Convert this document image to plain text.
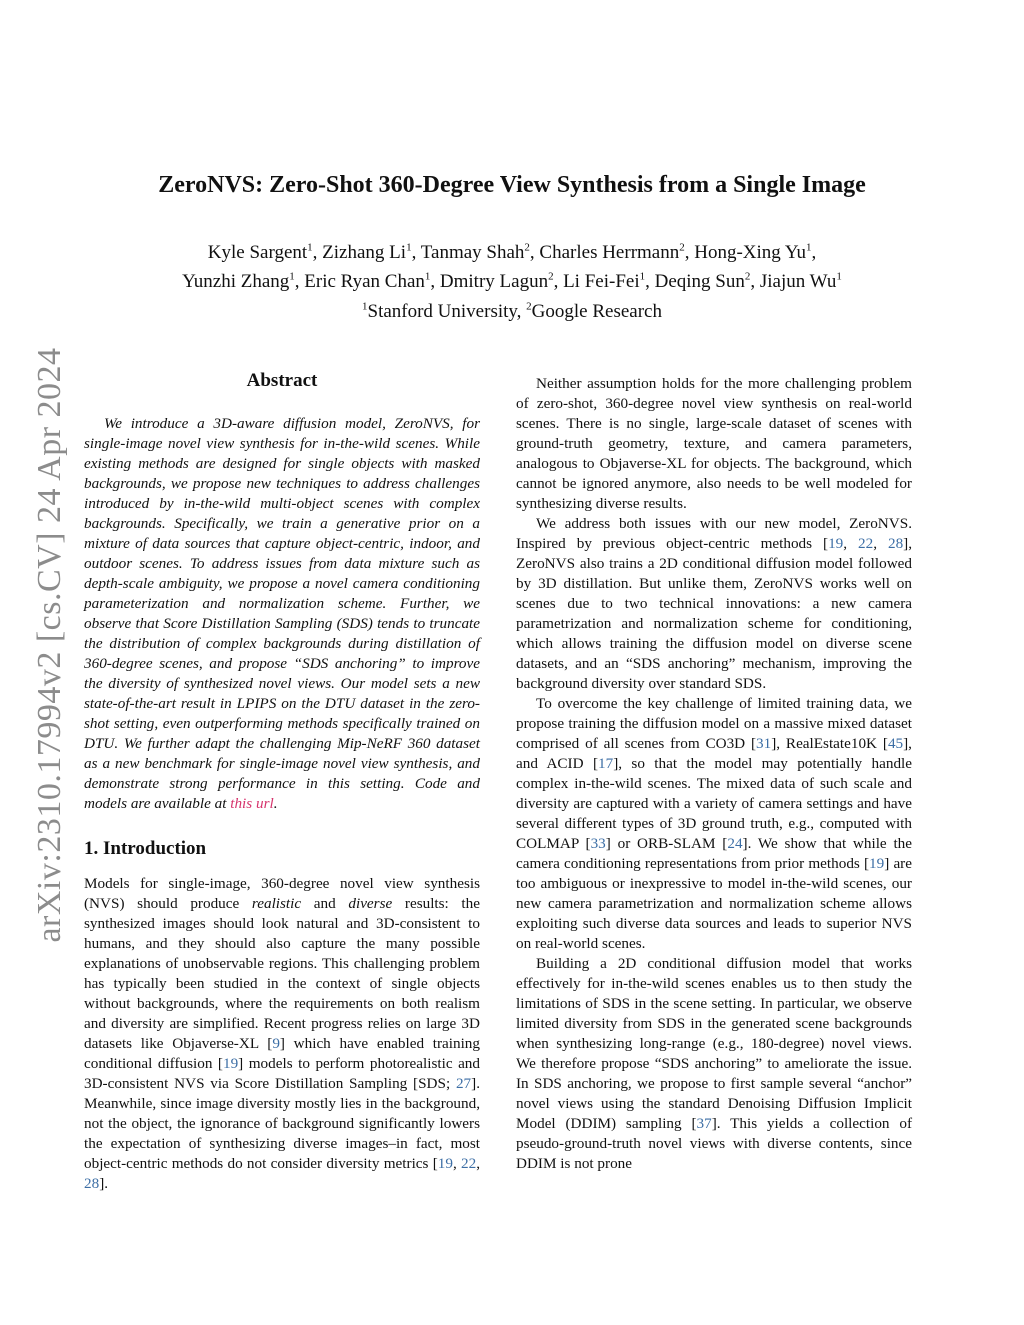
arXiv:2310.17994v2 [cs.CV] 24 Apr 2024
ZeroNVS: Zero-Shot 360-Degree View Synthesis from a Single Image
Kyle Sargent$^1$, Zizhang Li$^1$, Tanmay Shah$^2$, Charles Herrmann$^2$, Hong-Xing Yu$^1$,
Yunzhi Zhang$^1$, Eric Ryan Chan$^1$, Dmitry Lagun$^2$, Li Fei-Fei$^1$, Deqing Sun$^2$, Jiajun Wu$^1$
$^1$Stanford University, $^2$Google Research
Abstract

We introduce a 3D-aware diffusion model, ZeroNVS, for single-image novel view synthesis for in-the-wild scenes. While existing methods are designed for single objects with masked backgrounds, we propose new techniques to address challenges introduced by in-the-wild multi-object scenes with complex backgrounds. Specifically, we train a generative prior on a mixture of data sources that capture object-centric, indoor, and outdoor scenes. To address issues from data mixture such as depth-scale ambiguity, we propose a novel camera conditioning parameterization and normalization scheme. Further, we observe that Score Distillation Sampling (SDS) tends to truncate the distribution of complex backgrounds during distillation of 360-degree scenes, and propose “SDS anchoring” to improve the diversity of synthesized novel views. Our model sets a new state-of-the-art result in LPIPS on the DTU dataset in the zero-shot setting, even outperforming methods specifically trained on DTU. We further adapt the challenging Mip-NeRF 360 dataset as a new benchmark for single-image novel view synthesis, and demonstrate strong performance in this setting. Code and models are available at this url.

1. Introduction

Models for single-image, 360-degree novel view synthesis (NVS) should produce realistic and diverse results: the synthesized images should look natural and 3D-consistent to humans, and they should also capture the many possible explanations of unobservable regions. This challenging problem has typically been studied in the context of single objects without backgrounds, where the requirements on both realism and diversity are simplified. Recent progress relies on large 3D datasets like Objaverse-XL [9] which have enabled training conditional diffusion [19] models to perform photorealistic and 3D-consistent NVS via Score Distillation Sampling [SDS; 27]. Meanwhile, since image diversity mostly lies in the background, not the object, the ignorance of background significantly lowers the expectation of synthesizing diverse images–in fact, most object-centric methods do not consider diversity metrics [19, 22, 28].

Neither assumption holds for the more challenging problem of zero-shot, 360-degree novel view synthesis on real-world scenes. There is no single, large-scale dataset of scenes with ground-truth geometry, texture, and camera parameters, analogous to Objaverse-XL for objects. The background, which cannot be ignored anymore, also needs to be well modeled for synthesizing diverse results.

We address both issues with our new model, ZeroNVS. Inspired by previous object-centric methods [19, 22, 28], ZeroNVS also trains a 2D conditional diffusion model followed by 3D distillation. But unlike them, ZeroNVS works well on scenes due to two technical innovations: a new camera parametrization and normalization scheme for conditioning, which allows training the diffusion model on diverse scene datasets, and an “SDS anchoring” mechanism, improving the background diversity over standard SDS.

To overcome the key challenge of limited training data, we propose training the diffusion model on a massive mixed dataset comprised of all scenes from CO3D [31], RealEstate10K [45], and ACID [17], so that the model may potentially handle complex in-the-wild scenes. The mixed data of such scale and diversity are captured with a variety of camera settings and have several different types of 3D ground truth, e.g., computed with COLMAP [33] or ORB-SLAM [24]. We show that while the camera conditioning representations from prior methods [19] are too ambiguous or inexpressive to model in-the-wild scenes, our new camera parametrization and normalization scheme allows exploiting such diverse data sources and leads to superior NVS on real-world scenes.

Building a 2D conditional diffusion model that works effectively for in-the-wild scenes enables us to then study the limitations of SDS in the scene setting. In particular, we observe limited diversity from SDS in the generated scene backgrounds when synthesizing long-range (e.g., 180-degree) novel views. We therefore propose “SDS anchoring” to ameliorate the issue. In SDS anchoring, we propose to first sample several “anchor” novel views using the standard Denoising Diffusion Implicit Model (DDIM) sampling [37]. This yields a collection of pseudo-ground-truth novel views with diverse contents, since DDIM is not prone
